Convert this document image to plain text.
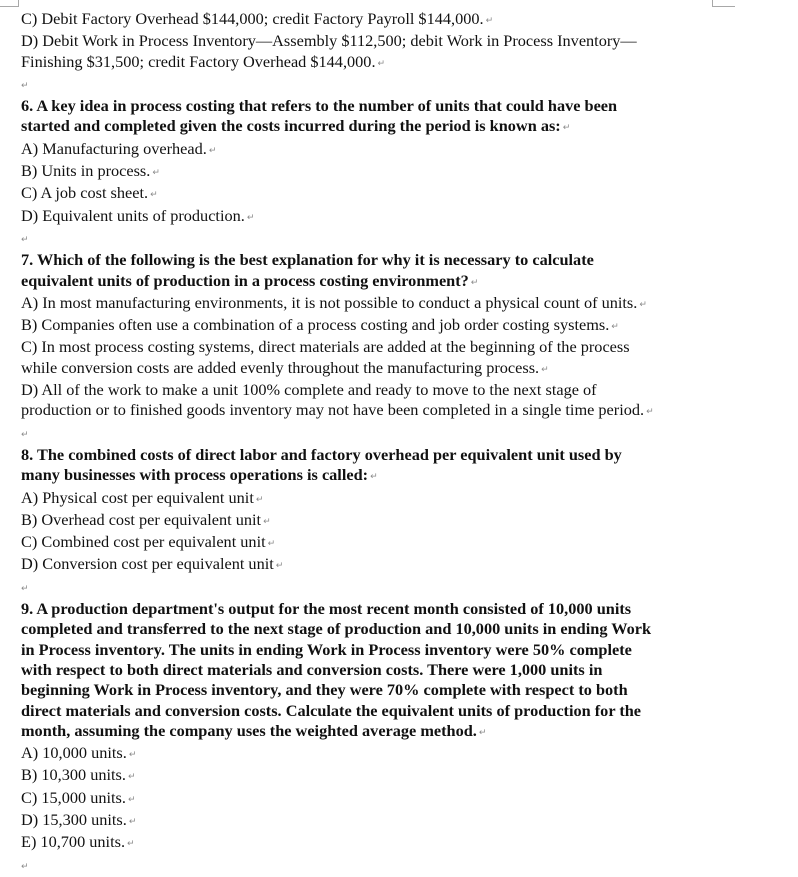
C) Debit Factory Overhead $144,000; credit Factory Payroll $144,000. ↵
D) Debit Work in Process Inventory—Assembly $112,500; debit Work in Process Inventory—
Finishing $31,500; credit Factory Overhead $144,000. ↵
↵
6. A key idea in process costing that refers to the number of units that could have been
started and completed given the costs incurred during the period is known as: ↵
A) Manufacturing overhead. ↵
B) Units in process. ↵
C) A job cost sheet. ↵
D) Equivalent units of production. ↵
↵
7. Which of the following is the best explanation for why it is necessary to calculate
equivalent units of production in a process costing environment? ↵
A) In most manufacturing environments, it is not possible to conduct a physical count of units. ↵
B) Companies often use a combination of a process costing and job order costing systems. ↵
C) In most process costing systems, direct materials are added at the beginning of the process
while conversion costs are added evenly throughout the manufacturing process. ↵
D) All of the work to make a unit 100% complete and ready to move to the next stage of
production or to finished goods inventory may not have been completed in a single time period. ↵
↵
8. The combined costs of direct labor and factory overhead per equivalent unit used by
many businesses with process operations is called: ↵
A) Physical cost per equivalent unit ↵
B) Overhead cost per equivalent unit ↵
C) Combined cost per equivalent unit ↵
D) Conversion cost per equivalent unit ↵
↵
9. A production department's output for the most recent month consisted of 10,000 units
completed and transferred to the next stage of production and 10,000 units in ending Work
in Process inventory. The units in ending Work in Process inventory were 50% complete
with respect to both direct materials and conversion costs. There were 1,000 units in
beginning Work in Process inventory, and they were 70% complete with respect to both
direct materials and conversion costs. Calculate the equivalent units of production for the
month, assuming the company uses the weighted average method. ↵
A) 10,000 units. ↵
B) 10,300 units. ↵
C) 15,000 units. ↵
D) 15,300 units. ↵
E) 10,700 units. ↵
↵
